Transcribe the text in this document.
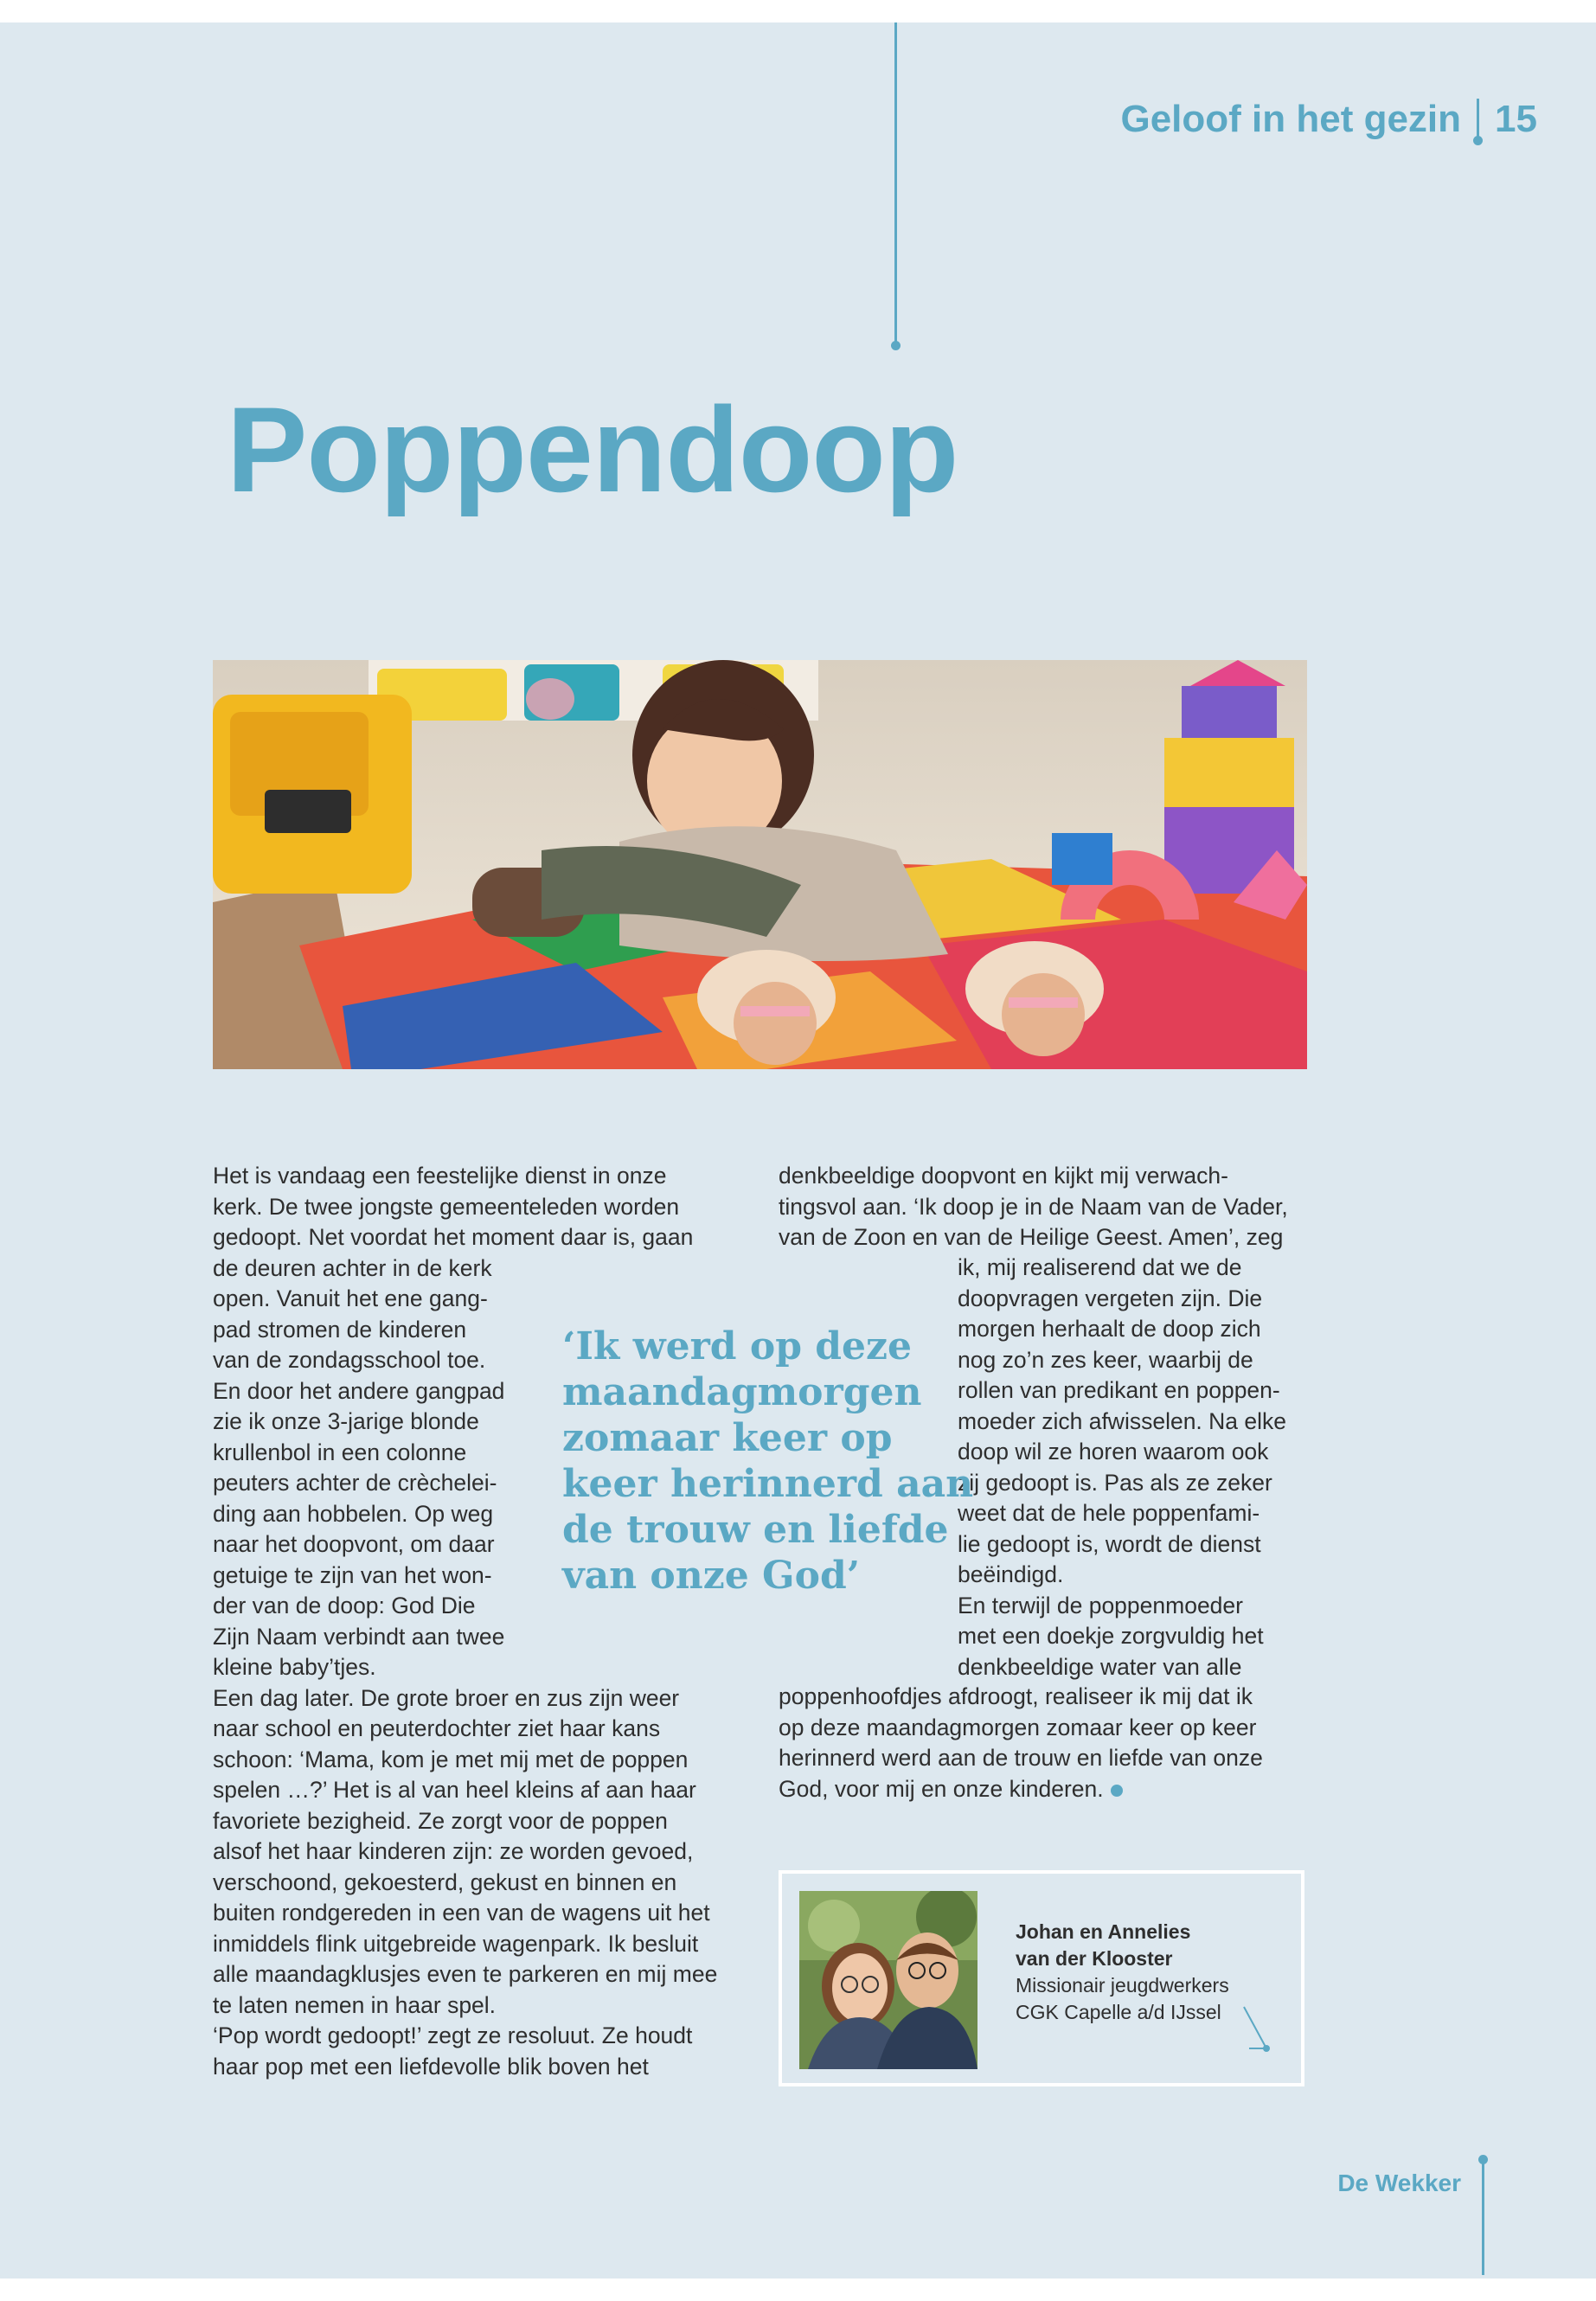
Geloof in het gezin 15
Poppendoop

Het is vandaag een feestelijke dienst in onze
kerk. De twee jongste gemeenteleden worden
gedoopt. Net voordat het moment daar is, gaan
de deuren achter in de kerk
open. Vanuit het ene gang-
pad stromen de kinderen
van de zondagsschool toe.
En door het andere gangpad
zie ik onze 3-jarige blonde
krullenbol in een colonne
peuters achter de crèchelei-
ding aan hobbelen. Op weg
naar het doopvont, om daar
getuige te zijn van het won-
der van de doop: God Die
Zijn Naam verbindt aan twee
kleine baby’tjes.
Een dag later. De grote broer en zus zijn weer
naar school en peuterdochter ziet haar kans
schoon: ‘Mama, kom je met mij met de poppen
spelen …?’ Het is al van heel kleins af aan haar
favoriete bezigheid. Ze zorgt voor de poppen
alsof het haar kinderen zijn: ze worden gevoed,
verschoond, gekoesterd, gekust en binnen en
buiten rondgereden in een van de wagens uit het
inmiddels flink uitgebreide wagenpark. Ik besluit
alle maandagklusjes even te parkeren en mij mee
te laten nemen in haar spel.
‘Pop wordt gedoopt!’ zegt ze resoluut. Ze houdt
haar pop met een liefdevolle blik boven het

denkbeeldige doopvont en kijkt mij verwach-
tingsvol aan. ‘Ik doop je in de Naam van de Vader,
van de Zoon en van de Heilige Geest. Amen’, zeg

ik, mij realiserend dat we de
doopvragen vergeten zijn. Die
morgen herhaalt de doop zich
nog zo’n zes keer, waarbij de
rollen van predikant en poppen-
moeder zich afwisselen. Na elke
doop wil ze horen waarom ook
zij gedoopt is. Pas als ze zeker
weet dat de hele poppenfami-
lie gedoopt is, wordt de dienst
beëindigd.
En terwijl de poppenmoeder
met een doekje zorgvuldig het
denkbeeldige water van alle

poppenhoofdjes afdroogt, realiseer ik mij dat ik
op deze maandagmorgen zomaar keer op keer
herinnerd werd aan de trouw en liefde van onze
God, voor mij en onze kinderen.

‘Ik werd op deze
maandagmorgen
zomaar keer op
keer herinnerd aan
de trouw en liefde
van onze God’

Johan en Annelies
van der Klooster
Missionair jeugdwerkers
CGK Capelle a/d IJssel
De Wekker
